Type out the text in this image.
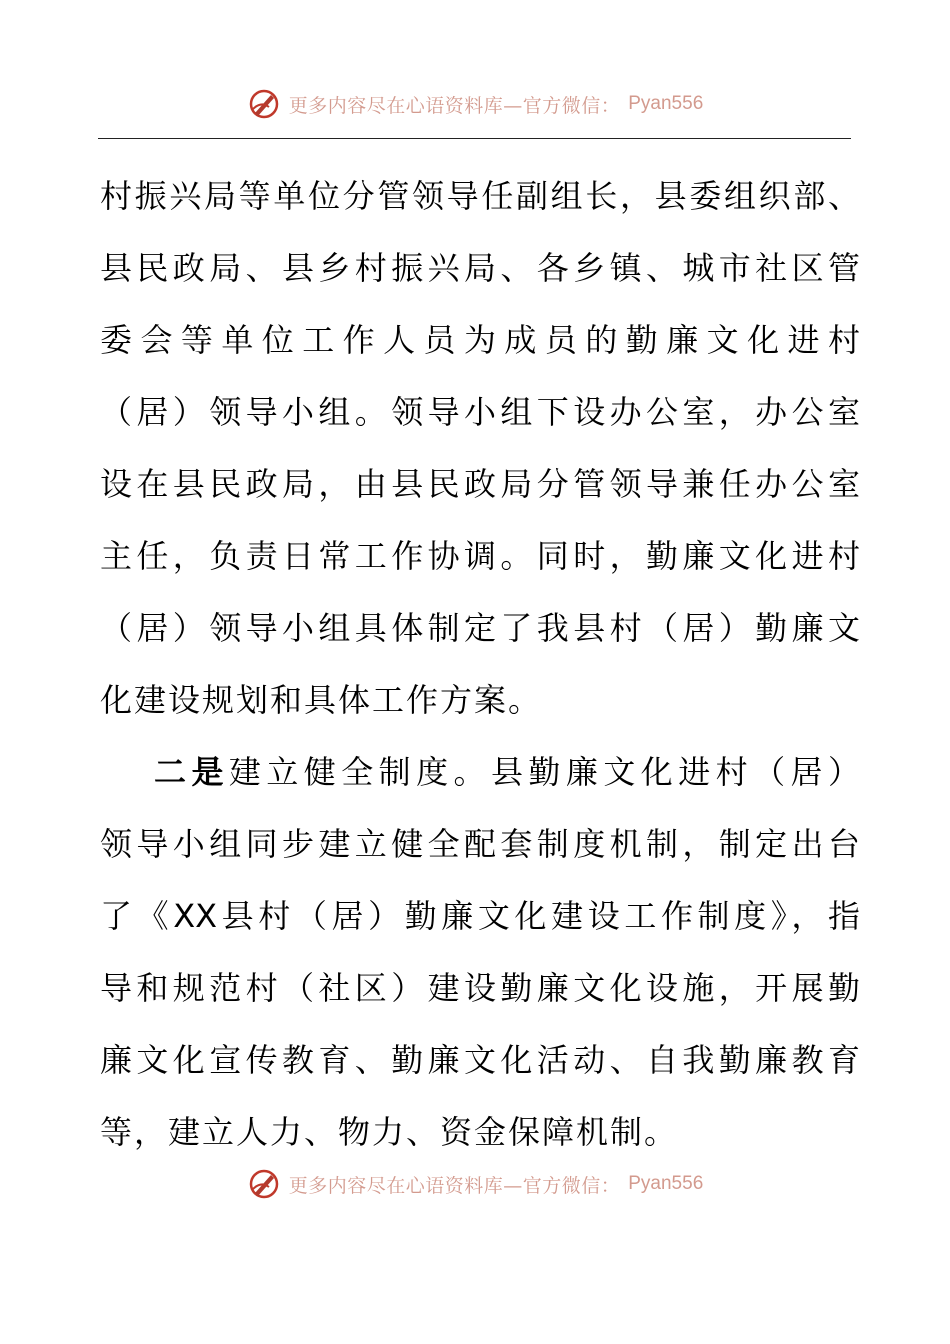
更多内容尽在心语资料库—官方微信： Pyan556
村振兴局等单位分管领导任副组长，县委组织部、
县民政局、县乡村振兴局、各乡镇、城市社区管
委会等单位工作人员为成员的勤廉文化进村
（居）领导小组。领导小组下设办公室，办公室
设在县民政局，由县民政局分管领导兼任办公室
主任，负责日常工作协调。同时，勤廉文化进村
（居）领导小组具体制定了我县村（居）勤廉文
化建设规划和具体工作方案。
二是建立健全制度。县勤廉文化进村（居）
领导小组同步建立健全配套制度机制，制定出台
了《XX县村（居）勤廉文化建设工作制度》，指
导和规范村（社区）建设勤廉文化设施，开展勤
廉文化宣传教育、勤廉文化活动、自我勤廉教育
等，建立人力、物力、资金保障机制。
更多内容尽在心语资料库—官方微信： Pyan556
